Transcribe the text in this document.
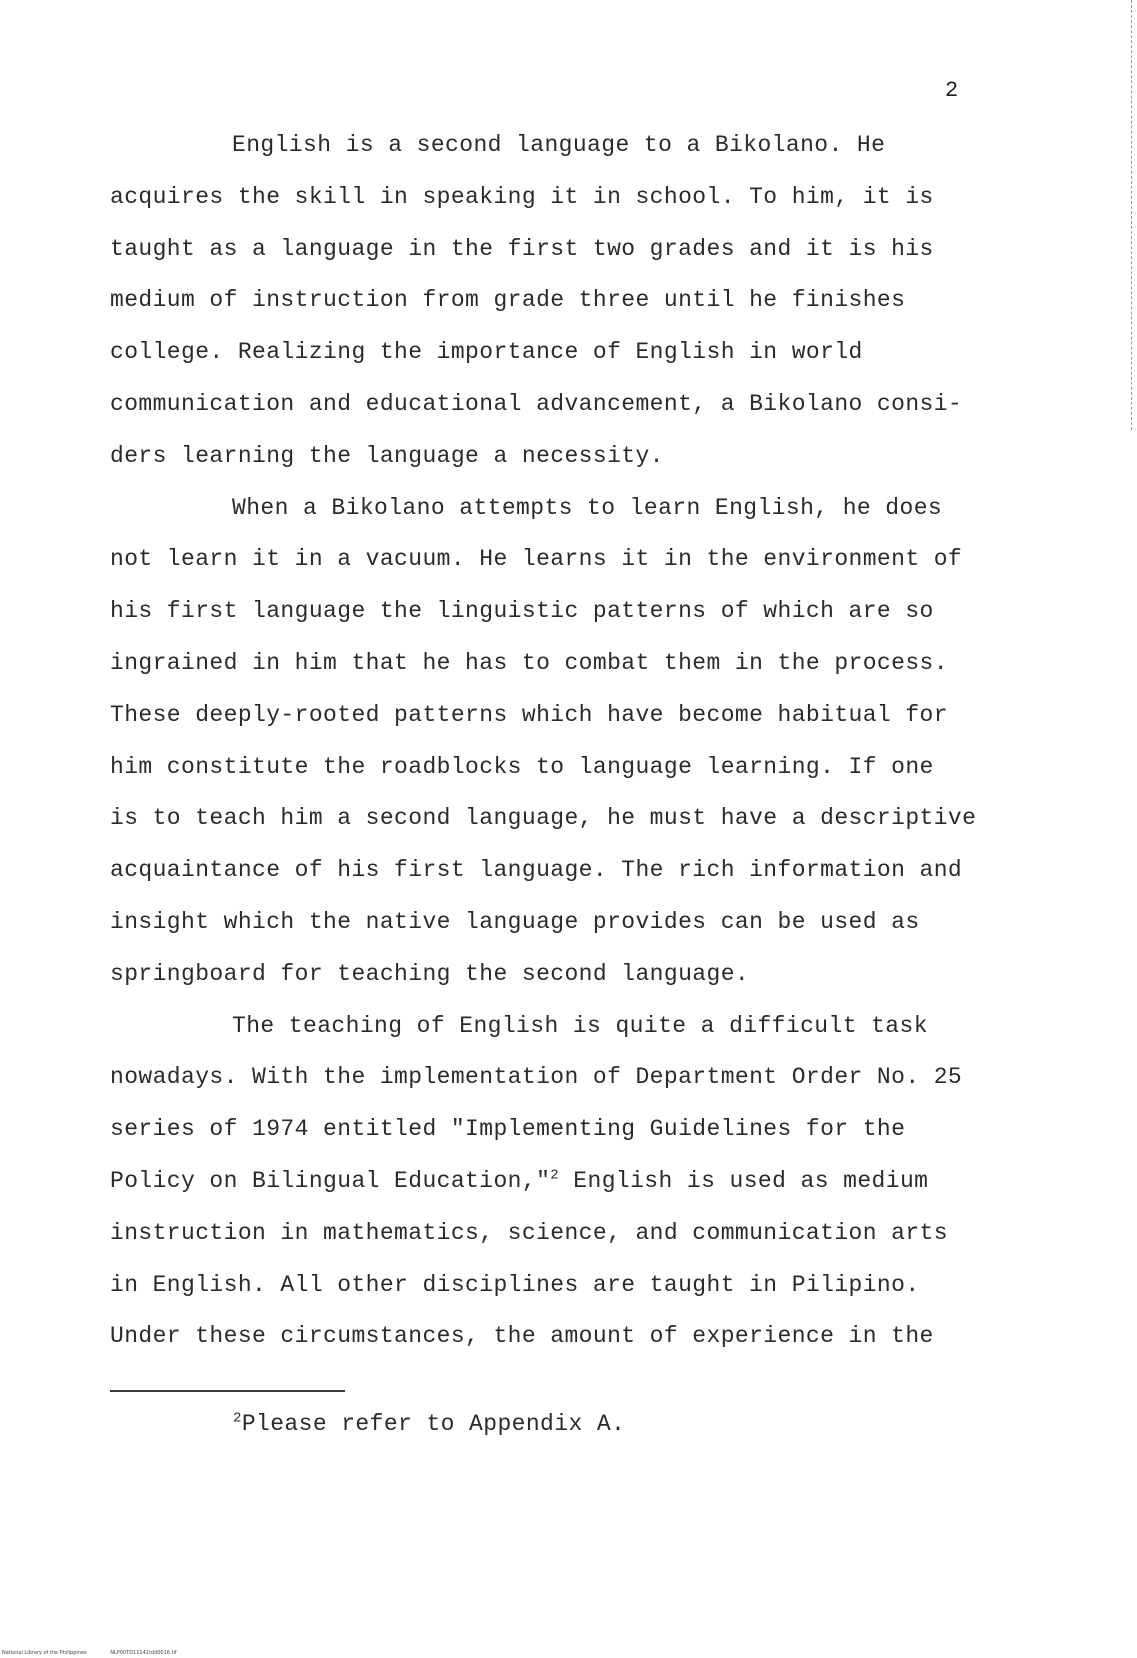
2
English is a second language to a Bikolano. He
acquires the skill in speaking it in school. To him, it is
taught as a language in the first two grades and it is his
medium of instruction from grade three until he finishes
college. Realizing the importance of English in world
communication and educational advancement, a Bikolano consi-
ders learning the language a necessity.
When a Bikolano attempts to learn English, he does
not learn it in a vacuum. He learns it in the environment of
his first language the linguistic patterns of which are so
ingrained in him that he has to combat them in the process.
These deeply-rooted patterns which have become habitual for
him constitute the roadblocks to language learning. If one
is to teach him a second language, he must have a descriptive
acquaintance of his first language. The rich information and
insight which the native language provides can be used as
springboard for teaching the second language.
The teaching of English is quite a difficult task
nowadays. With the implementation of Department Order No. 25
series of 1974 entitled "Implementing Guidelines for the
Policy on Bilingual Education,"$^2$ English is used as medium
instruction in mathematics, science, and communication arts
in English. All other disciplines are taught in Pilipino.
Under these circumstances, the amount of experience in the
$^2$Please refer to Appendix A.
National Library of the Philippines	NLP00TD11141tdd0016.tif
